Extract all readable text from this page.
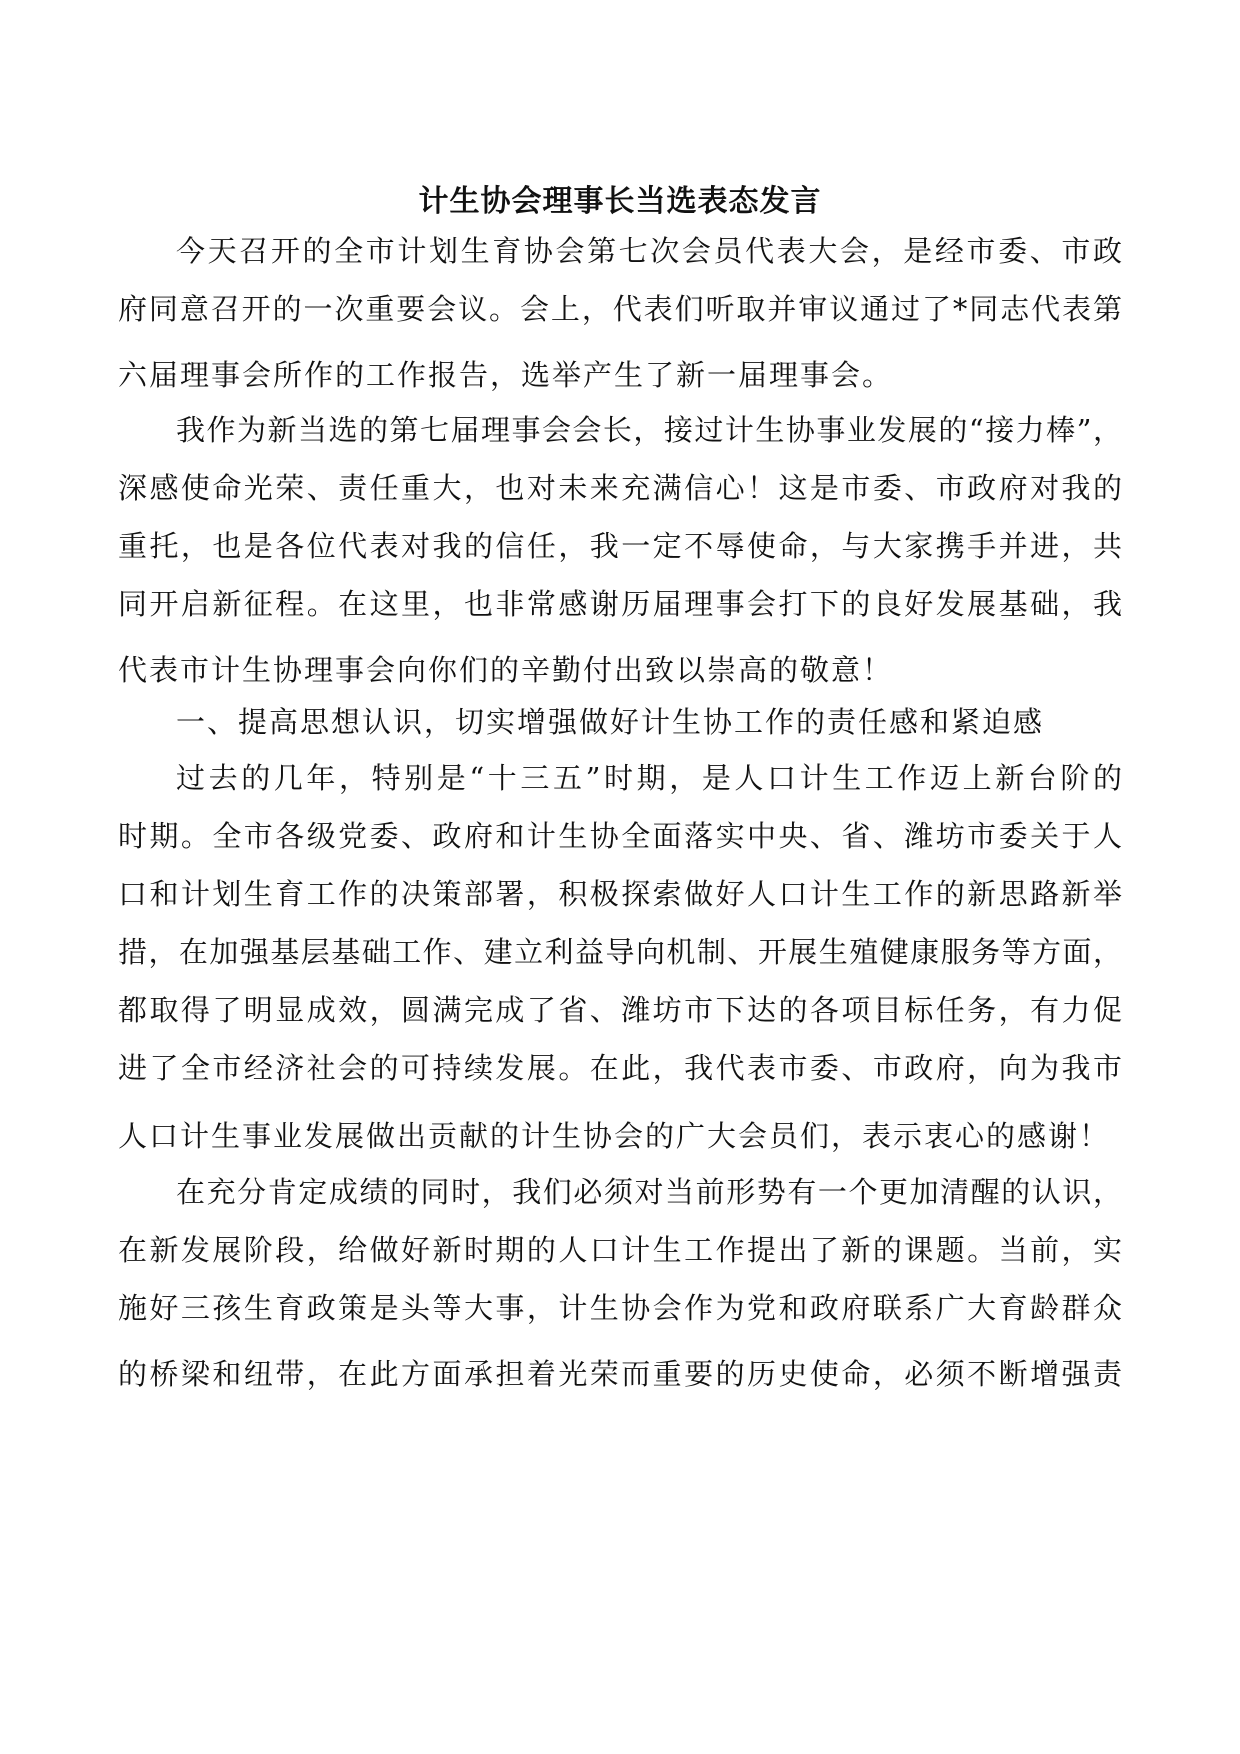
计生协会理事长当选表态发言
今天召开的全市计划生育协会第七次会员代表大会，是经市委、市政
府同意召开的一次重要会议。会上，代表们听取并审议通过了*同志代表第
六届理事会所作的工作报告，选举产生了新一届理事会。
我作为新当选的第七届理事会会长，接过计生协事业发展的“接力棒”，
深感使命光荣、责任重大，也对未来充满信心！这是市委、市政府对我的
重托，也是各位代表对我的信任，我一定不辱使命，与大家携手并进，共
同开启新征程。在这里，也非常感谢历届理事会打下的良好发展基础，我
代表市计生协理事会向你们的辛勤付出致以崇高的敬意！
一、提高思想认识，切实增强做好计生协工作的责任感和紧迫感
过去的几年，特别是“十三五”时期，是人口计生工作迈上新台阶的
时期。全市各级党委、政府和计生协全面落实中央、省、潍坊市委关于人
口和计划生育工作的决策部署，积极探索做好人口计生工作的新思路新举
措，在加强基层基础工作、建立利益导向机制、开展生殖健康服务等方面，
都取得了明显成效，圆满完成了省、潍坊市下达的各项目标任务，有力促
进了全市经济社会的可持续发展。在此，我代表市委、市政府，向为我市
人口计生事业发展做出贡献的计生协会的广大会员们，表示衷心的感谢！
在充分肯定成绩的同时，我们必须对当前形势有一个更加清醒的认识，
在新发展阶段，给做好新时期的人口计生工作提出了新的课题。当前，实
施好三孩生育政策是头等大事，计生协会作为党和政府联系广大育龄群众
的桥梁和纽带，在此方面承担着光荣而重要的历史使命，必须不断增强责
